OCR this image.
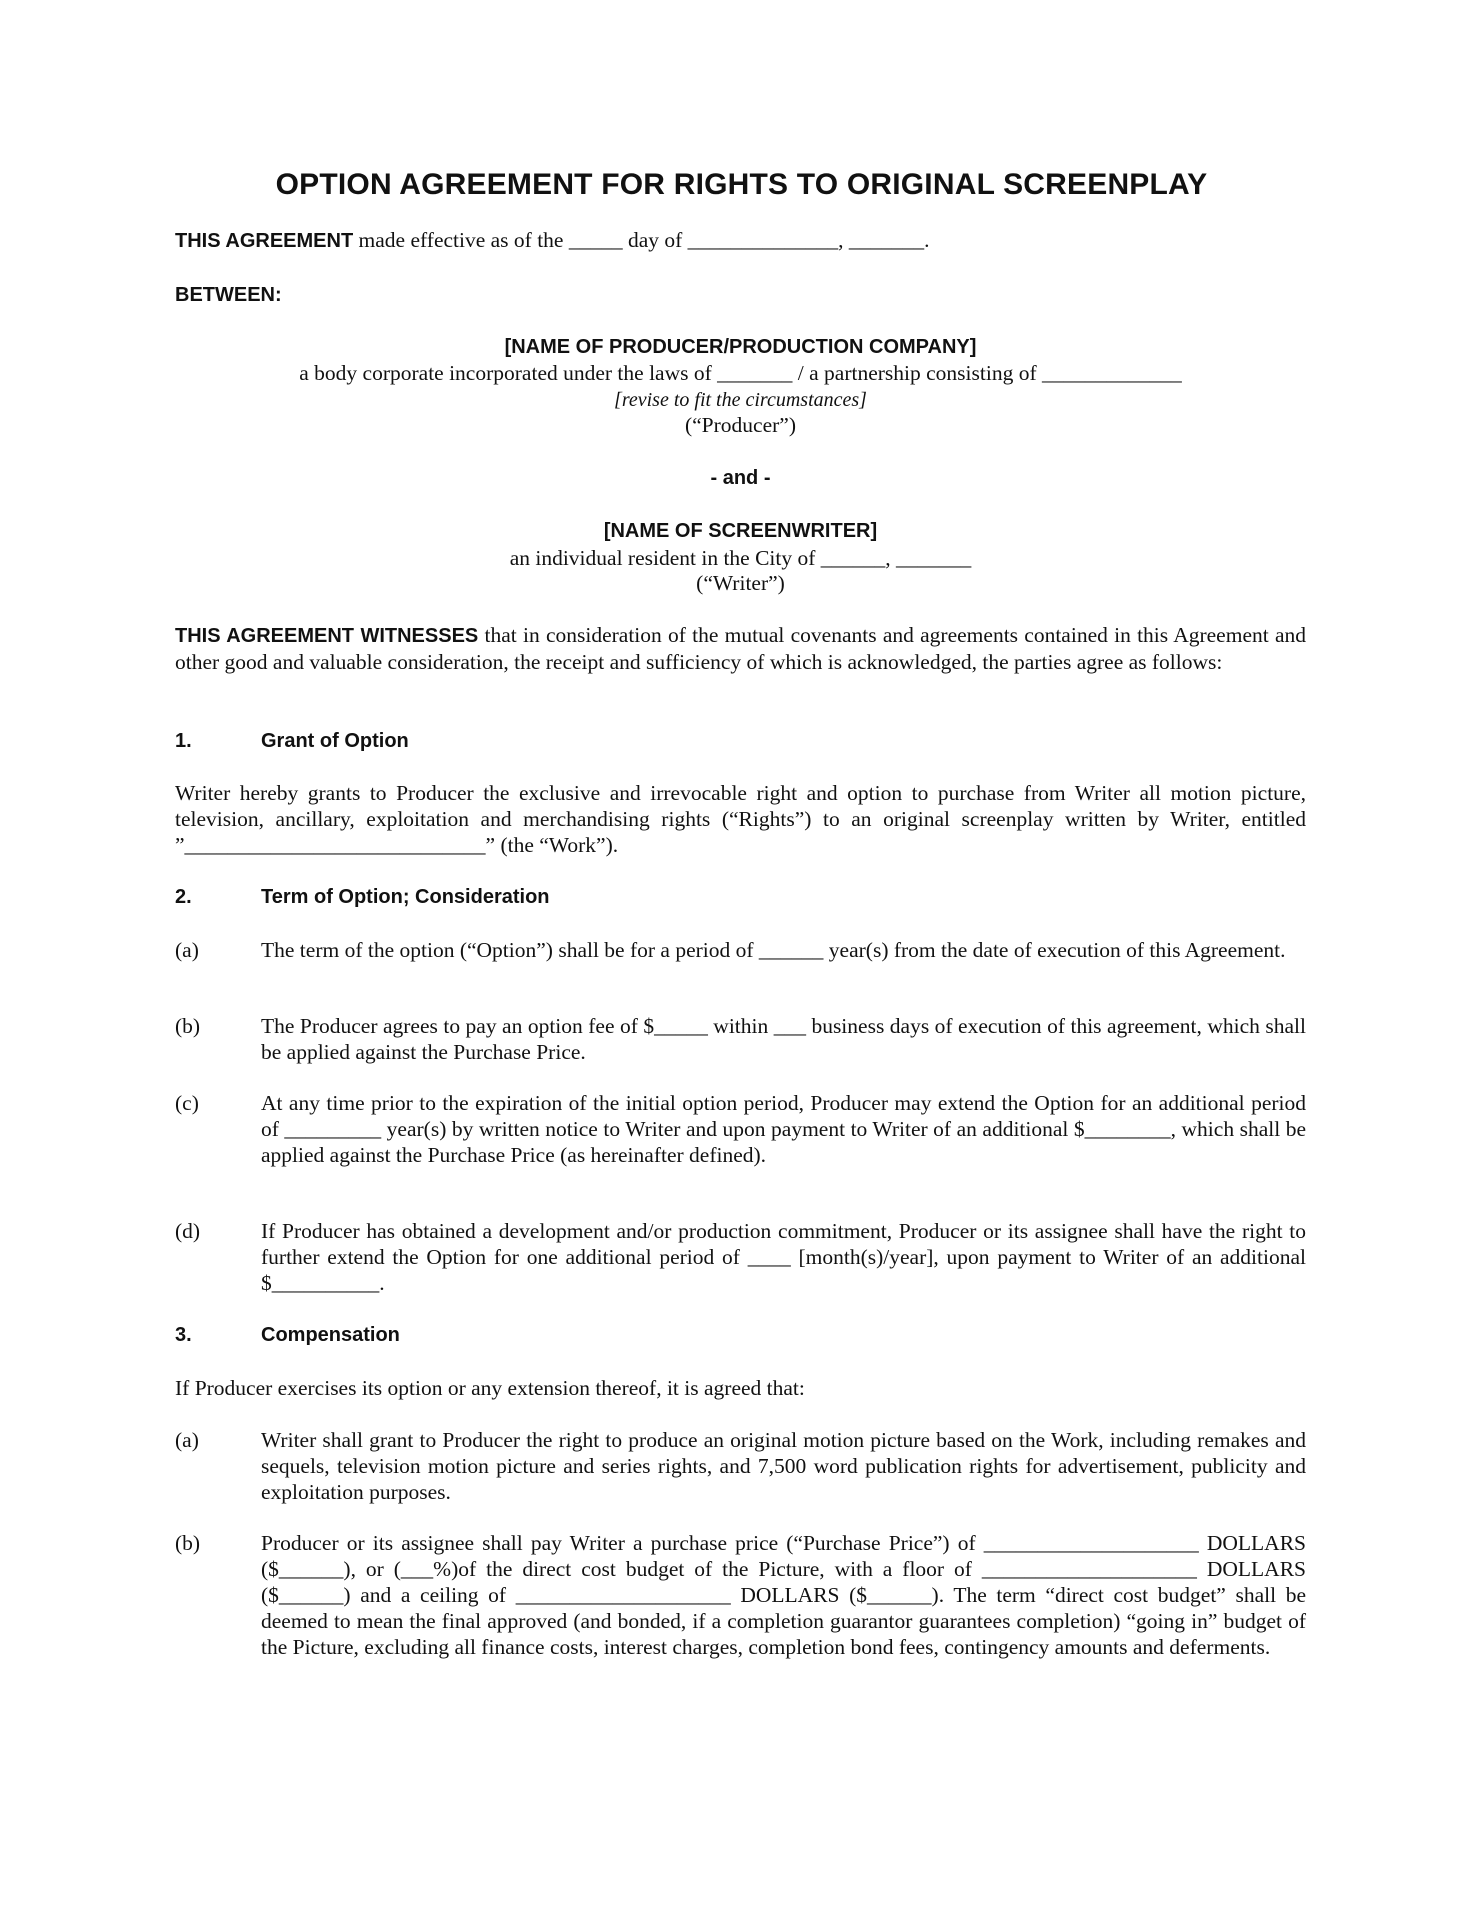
OPTION AGREEMENT FOR RIGHTS TO ORIGINAL SCREENPLAY
THIS AGREEMENT made effective as of the _____ day of ______________, _______.
BETWEEN:
[NAME OF PRODUCER/PRODUCTION COMPANY]
a body corporate incorporated under the laws of _______ / a partnership consisting of _____________
[revise to fit the circumstances]
(“Producer”)
- and -
[NAME OF SCREENWRITER]
an individual resident in the City of ______, _______
(“Writer”)
THIS AGREEMENT WITNESSES that in consideration of the mutual covenants and agreements contained in this Agreement and other good and valuable consideration, the receipt and sufficiency of which is acknowledged, the parties agree as follows:
1.	Grant of Option
Writer hereby grants to Producer the exclusive and irrevocable right and option to purchase from Writer all motion picture, television, ancillary, exploitation and merchandising rights (“Rights”) to an original screenplay written by Writer, entitled ”____________________________” (the “Work”).
2.	Term of Option; Consideration
(a)	The term of the option (“Option”) shall be for a period of ______ year(s) from the date of execution of this Agreement.
(b)	The Producer agrees to pay an option fee of $_____ within ___ business days of execution of this agreement, which shall be applied against the Purchase Price.
(c)	At any time prior to the expiration of the initial option period, Producer may extend the Option for an additional period of _________ year(s) by written notice to Writer and upon payment to Writer of an additional $________, which shall be applied against the Purchase Price (as hereinafter defined).
(d)	If Producer has obtained a development and/or production commitment, Producer or its assignee shall have the right to further extend the Option for one additional period of ____ [month(s)/year], upon payment to Writer of an additional $__________.
3.	Compensation
If Producer exercises its option or any extension thereof, it is agreed that:
(a)	Writer shall grant to Producer the right to produce an original motion picture based on the Work, including remakes and sequels, television motion picture and series rights, and 7,500 word publication rights for advertisement, publicity and exploitation purposes.
(b)	Producer or its assignee shall pay Writer a purchase price (“Purchase Price”) of ____________________ DOLLARS ($______), or (___%)of the direct cost budget of the Picture, with a floor of ____________________ DOLLARS ($______) and a ceiling of ____________________ DOLLARS ($______). The term “direct cost budget” shall be deemed to mean the final approved (and bonded, if a completion guarantor guarantees completion) “going in” budget of the Picture, excluding all finance costs, interest charges, completion bond fees, contingency amounts and deferments.
